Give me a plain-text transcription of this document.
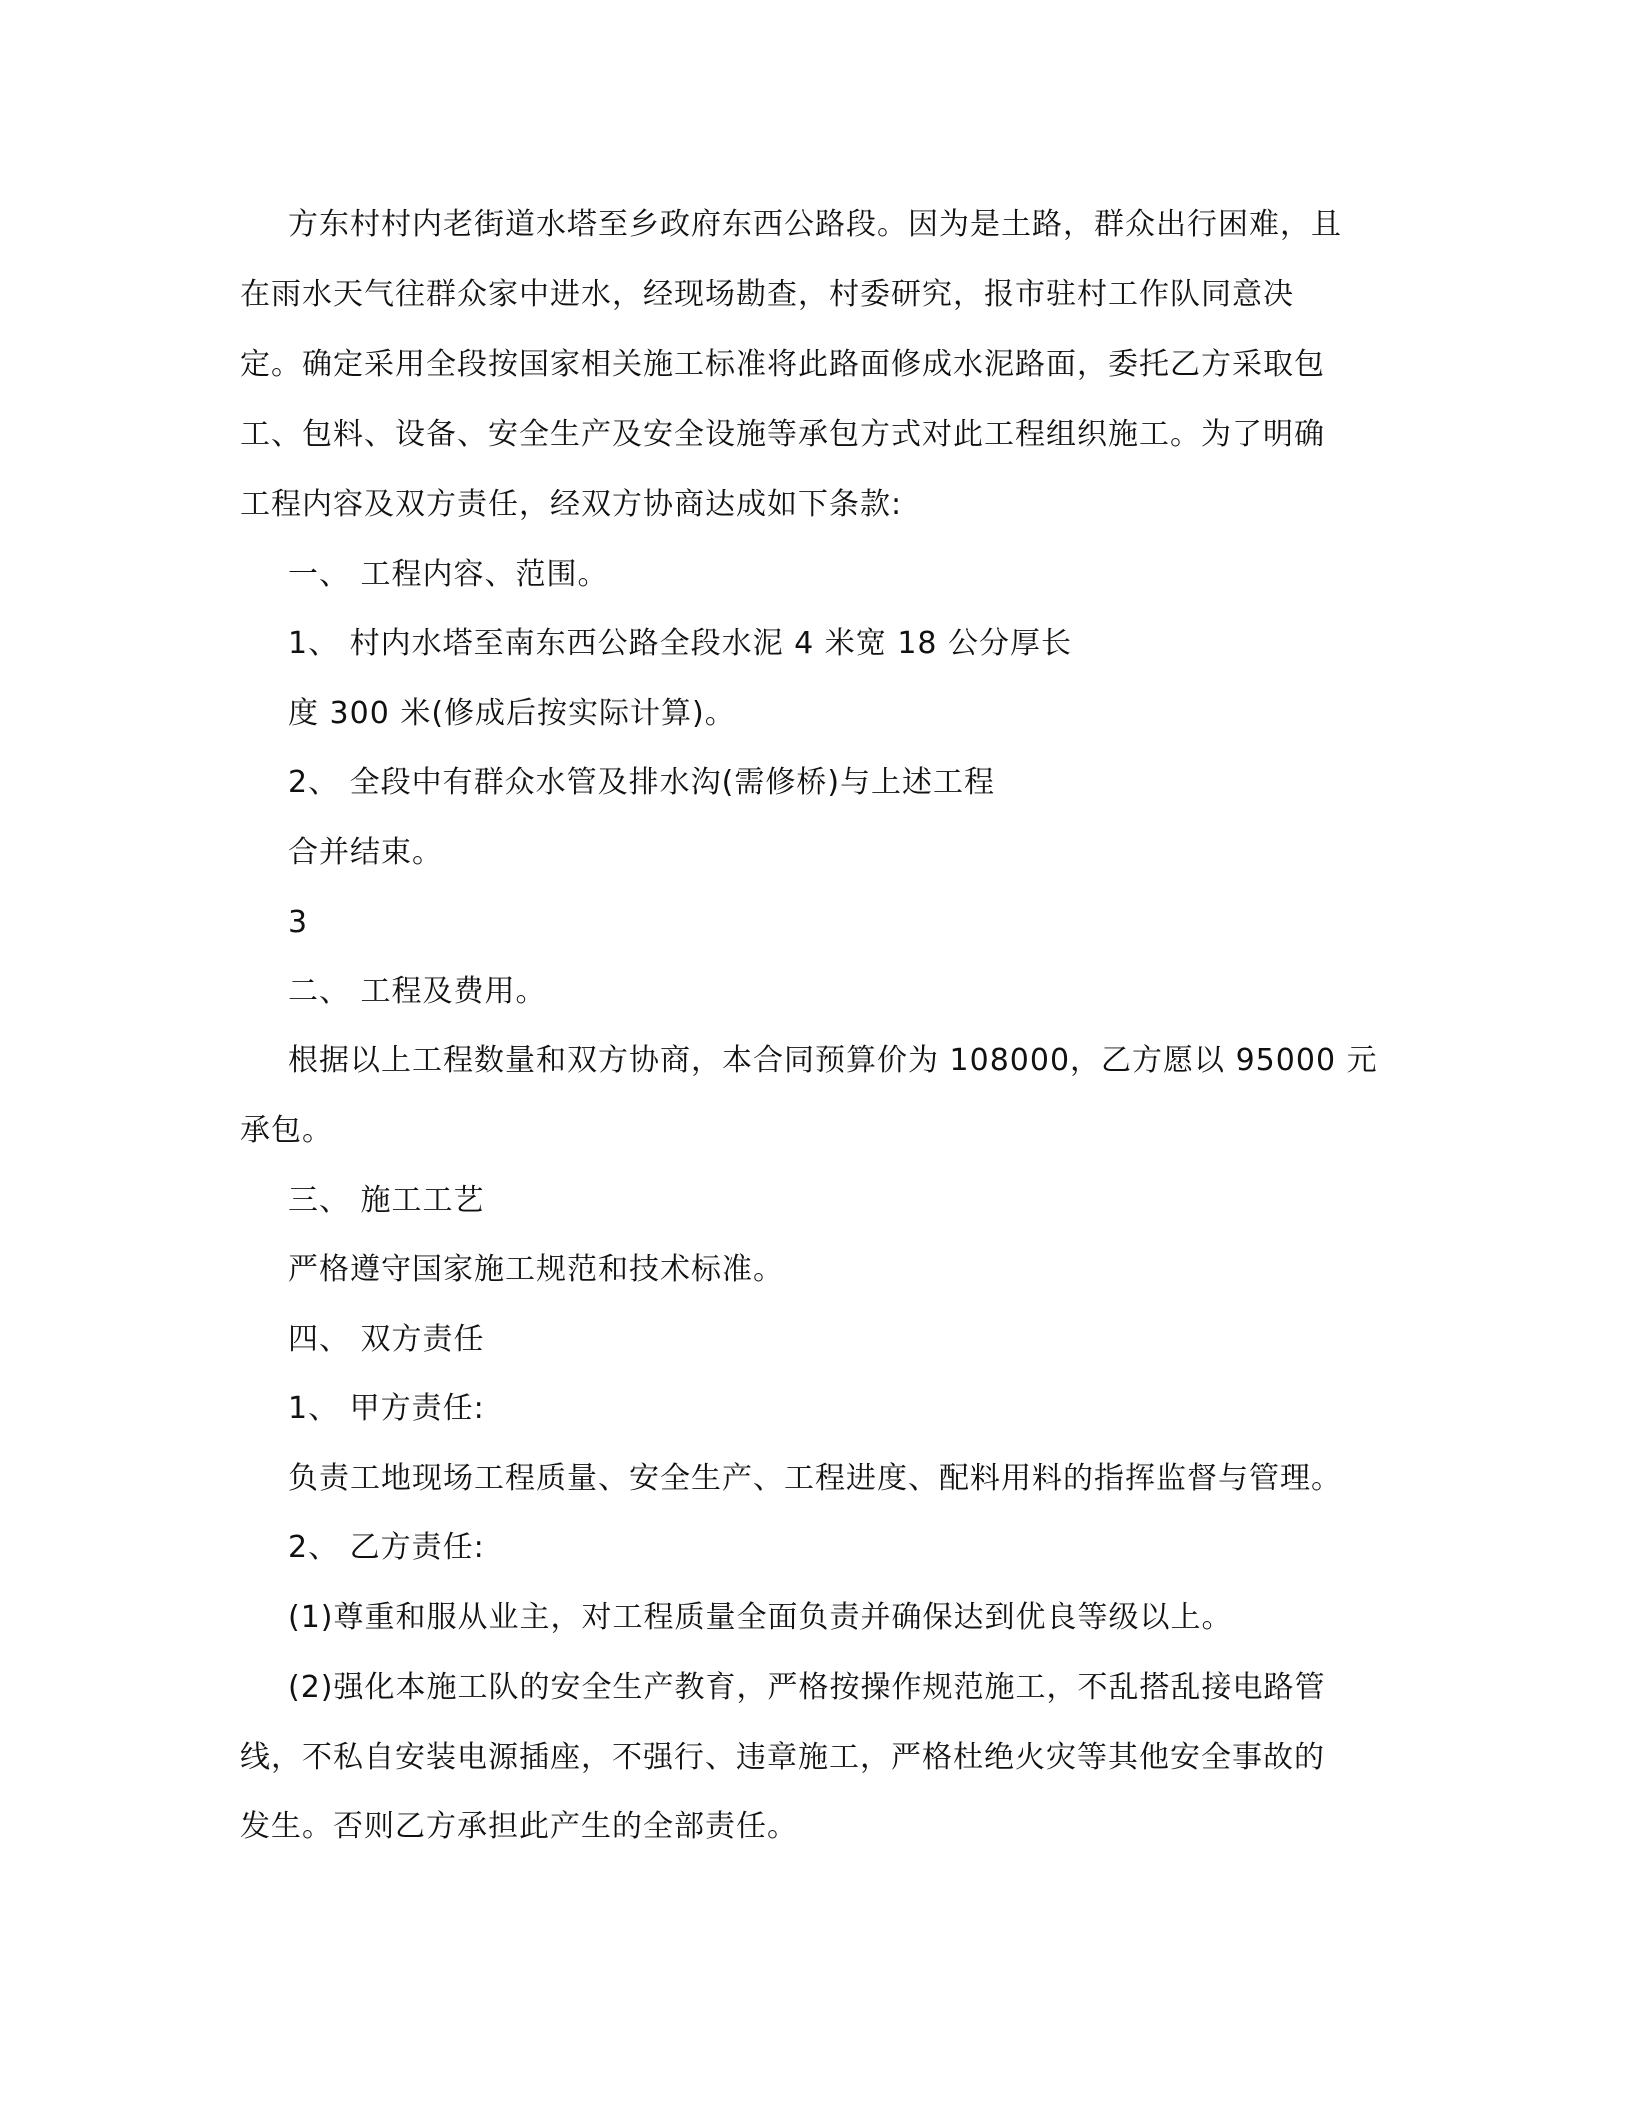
方东村村内老街道水塔至乡政府东西公路段。因为是土路，群众出行困难，且
在雨水天气往群众家中进水，经现场勘查，村委研究，报市驻村工作队同意决
定。确定采用全段按国家相关施工标准将此路面修成水泥路面，委托乙方采取包
工、包料、设备、安全生产及安全设施等承包方式对此工程组织施工。为了明确
工程内容及双方责任，经双方协商达成如下条款:
一、 工程内容、范围。
1、 村内水塔至南东西公路全段水泥 4 米宽 18 公分厚长
度 300 米(修成后按实际计算)。
2、 全段中有群众水管及排水沟(需修桥)与上述工程
合并结束。
3
二、 工程及费用。
根据以上工程数量和双方协商，本合同预算价为 108000，乙方愿以 95000 元
承包。
三、 施工工艺
严格遵守国家施工规范和技术标准。
四、 双方责任
1、 甲方责任:
负责工地现场工程质量、安全生产、工程进度、配料用料的指挥监督与管理。
2、 乙方责任:
(1)尊重和服从业主，对工程质量全面负责并确保达到优良等级以上。
(2)强化本施工队的安全生产教育，严格按操作规范施工，不乱搭乱接电路管
线，不私自安装电源插座，不强行、违章施工，严格杜绝火灾等其他安全事故的
发生。否则乙方承担此产生的全部责任。
